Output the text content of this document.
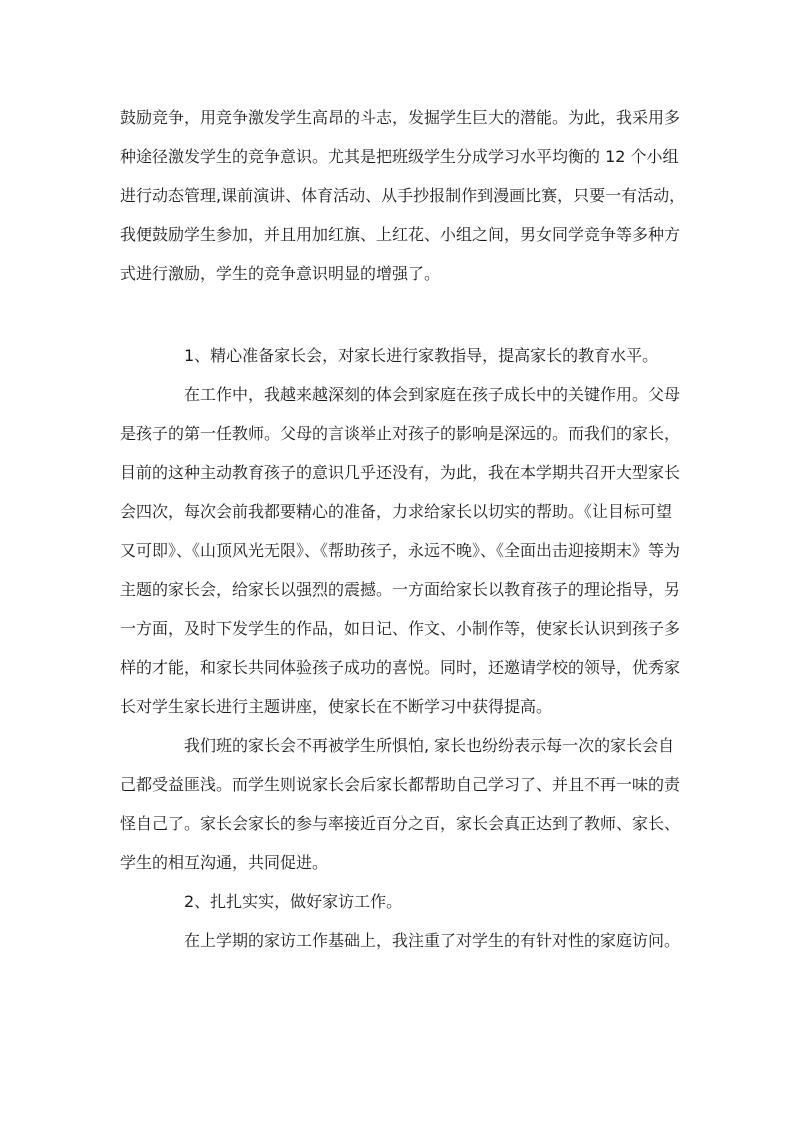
鼓励竞争，用竞争激发学生高昂的斗志，发掘学生巨大的潜能。为此，我采用多
种途径激发学生的竞争意识。尤其是把班级学生分成学习水平均衡的 12 个小组
进行动态管理,课前演讲、体育活动、从手抄报制作到漫画比赛，只要一有活动，
我便鼓励学生参加，并且用加红旗、上红花、小组之间，男女同学竞争等多种方
式进行激励，学生的竞争意识明显的增强了。
1、精心准备家长会，对家长进行家教指导，提高家长的教育水平。
在工作中，我越来越深刻的体会到家庭在孩子成长中的关键作用。父母
是孩子的第一任教师。父母的言谈举止对孩子的影响是深远的。而我们的家长，
目前的这种主动教育孩子的意识几乎还没有，为此，我在本学期共召开大型家长
会四次，每次会前我都要精心的准备，力求给家长以切实的帮助。《让目标可望
又可即》、《山顶风光无限》、《帮助孩子，永远不晚》、《全面出击迎接期末》等为
主题的家长会，给家长以强烈的震撼。一方面给家长以教育孩子的理论指导，另
一方面，及时下发学生的作品，如日记、作文、小制作等，使家长认识到孩子多
样的才能，和家长共同体验孩子成功的喜悦。同时，还邀请学校的领导，优秀家
长对学生家长进行主题讲座，使家长在不断学习中获得提高。
我们班的家长会不再被学生所惧怕, 家长也纷纷表示每一次的家长会自
己都受益匪浅。而学生则说家长会后家长都帮助自己学习了、并且不再一味的责
怪自己了。家长会家长的参与率接近百分之百，家长会真正达到了教师、家长、
学生的相互沟通，共同促进。
2、扎扎实实，做好家访工作。
在上学期的家访工作基础上，我注重了对学生的有针对性的家庭访问。
